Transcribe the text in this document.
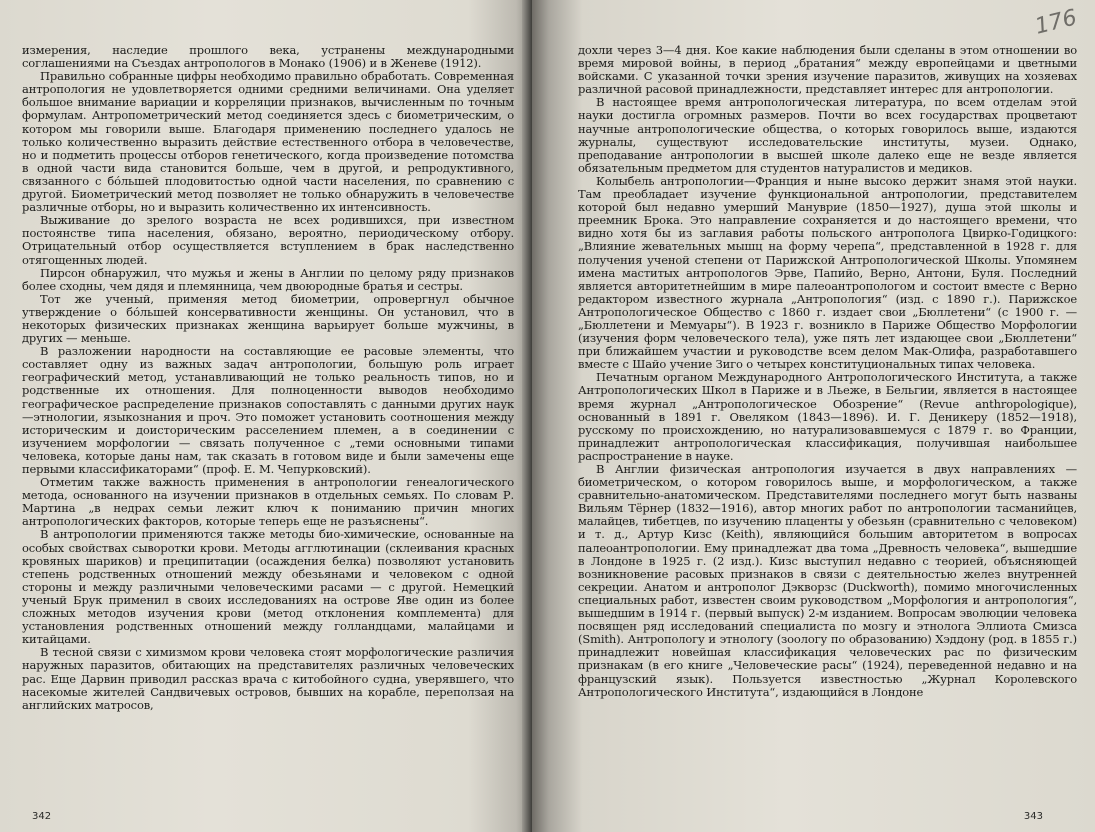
измерения, наследие прошлого века, устранены международными соглашениями на Съездах антропологов в Монако (1906) и в Женеве (1912).

Правильно собранные цифры необходимо правильно обработать. Современная антропология не удовлетворяется одними средними величинами. Она уделяет большое внимание вариации и корреляции признаков, вычисленным по точным формулам. Антропометрический метод соединяется здесь с биометрическим, о котором мы говорили выше. Благодаря применению последнего удалось не только количественно выразить действие естественного отбора в человечестве, но и подметить процессы отборов генетического, когда произведение потомства в одной части вида становится больше, чем в другой, и репродуктивного, связанного с бо́льшей плодовитостью одной части населения, по сравнению с другой. Биометрический метод позволяет не только обнаружить в человечестве различные отборы, но и выразить количественно их интенсивность.

Выживание до зрелого возраста не всех родившихся, при известном постоянстве типа населения, обязано, вероятно, периодическому отбору. Отрицательный отбор осуществляется вступлением в брак наследственно отягощенных людей.

Пирсон обнаружил, что мужья и жены в Англии по целому ряду признаков более сходны, чем дядя и племянница, чем двоюродные братья и сестры.

Тот же ученый, применяя метод биометрии, опровергнул обычное утверждение о бо́льшей консервативности женщины. Он установил, что в некоторых физических признаках женщина варьирует больше мужчины, в других — меньше.

В разложении народности на составляющие ее расовые элементы, что составляет одну из важных задач антропологии, большую роль играет географический метод, устанавливающий не только реальность типов, но и родственные их отношения. Для полноценности выводов необходимо географическое распределение признаков сопоставлять с данными других наук—этнологии, языкознания и проч. Это поможет установить соотношения между историческим и доисторическим расселением племен, а в соединении с изучением морфологии — связать полученное с „теми основными типами человека, которые даны нам, так сказать в готовом виде и были замечены еще первыми классификаторами“ (проф. Е. М. Чепурковский).

Отметим также важность применения в антропологии генеалогического метода, основанного на изучении признаков в отдельных семьях. По словам Р. Мартина „в недрах семьи лежит ключ к пониманию причин многих антропологических факторов, которые теперь еще не разъяснены“.

В антропологии применяются также методы био-химические, основанные на особых свойствах сыворотки крови. Методы агглютинации (склеивания красных кровяных шариков) и преципитации (осаждения белка) позволяют установить степень родственных отношений между обезьянами и человеком с одной стороны и между различными человеческими расами — с другой. Немецкий ученый Брук применил в своих исследованиях на острове Яве один из более сложных методов изучения крови (метод отклонения комплемента) для установления родственных отношений между голландцами, малайцами и китайцами.

В тесной связи с химизмом крови человека стоят морфологические различия наружных паразитов, обитающих на представителях различных человеческих рас. Еще Дарвин приводил рассказ врача с китобойного судна, уверявшего, что насекомые жителей Сандвичевых островов, бывших на корабле, переползая на английских матросов,

342
176

дохли через 3—4 дня. Кое какие наблюдения были сделаны в этом отношении во время мировой войны, в период „братания“ между европейцами и цветными войсками. С указанной точки зрения изучение паразитов, живущих на хозяевах различной расовой принадлежности, представляет интерес для антропологии.

В настоящее время антропологическая литература, по всем отделам этой науки достигла огромных размеров. Почти во всех государствах процветают научные антропологические общества, о которых говорилось выше, издаются журналы, существуют исследовательские институты, музеи. Однако, преподавание антропологии в высшей школе далеко еще не везде является обязательным предметом для студентов натуралистов и медиков.

Колыбель антропологии—Франция и ныне высоко держит знамя этой науки. Там преобладает изучение функциональной антропологии, представителем которой был недавно умерший Мануврие (1850—1927), душа этой школы и преемник Брока. Это направление сохраняется и до настоящего времени, что видно хотя бы из заглавия работы польского антрополога Цвирко-Годицкого: „Влияние жевательных мышц на форму черепа“, представленной в 1928 г. для получения ученой степени от Парижской Антропологической Школы. Упомянем имена маститых антропологов Эрве, Папийо, Верно, Антони, Буля. Последний является авторитетнейшим в мире палеоантропологом и состоит вместе с Верно редактором известного журнала „Антропология“ (изд. с 1890 г.). Парижское Антропологическое Общество с 1860 г. издает свои „Бюллетени“ (с 1900 г. — „Бюллетени и Мемуары“). В 1923 г. возникло в Париже Общество Морфологии (изучения форм человеческого тела), уже пять лет издающее свои „Бюллетени“ при ближайшем участии и руководстве всем делом Мак-Олифа, разработавшего вместе с Шайо учение Зиго о четырех конституциональных типах человека.

Печатным органом Международного Антропологического Института, а также Антропологических Школ в Париже и в Льеже, в Бельгии, является в настоящее время журнал „Антропологическое Обозрение“ (Revue anthropologique), основанный в 1891 г. Овеляком (1843—1896). И. Г. Деникеру (1852—1918), русскому по происхождению, но натурализовавшемуся с 1879 г. во Франции, принадлежит антропологическая классификация, получившая наибольшее распространение в науке.

В Англии физическая антропология изучается в двух направлениях — биометрическом, о котором говорилось выше, и морфологическом, а также сравнительно-анатомическом. Представителями последнего могут быть названы Вильям Тёрнер (1832—1916), автор многих работ по антропологии тасманийцев, малайцев, тибетцев, по изучению плаценты у обезьян (сравнительно с человеком) и т. д., Артур Кизс (Keith), являющийся большим авторитетом в вопросах палеоантропологии. Ему принадлежат два тома „Древность человека“, вышедшие в Лондоне в 1925 г. (2 изд.). Кизс выступил недавно с теорией, объясняющей возникновение расовых признаков в связи с деятельностью желез внутренней секреции. Анатом и антрополог Дэкворзс (Duckworth), помимо многочисленных специальных работ, известен своим руководством „Морфология и антропология“, вышедшим в 1914 г. (первый выпуск) 2-м изданием. Вопросам эволюции человека посвящен ряд исследований специалиста по мозгу и этнолога Эллиота Смизса (Smith). Антропологу и этнологу (зоологу по образованию) Хэддону (род. в 1855 г.) принадлежит новейшая классификация человеческих рас по физическим признакам (в его книге „Человеческие расы“ (1924), переведенной недавно и на французский язык). Пользуется известностью „Журнал Королевского Антропологического Института“, издающийся в Лондоне

343
